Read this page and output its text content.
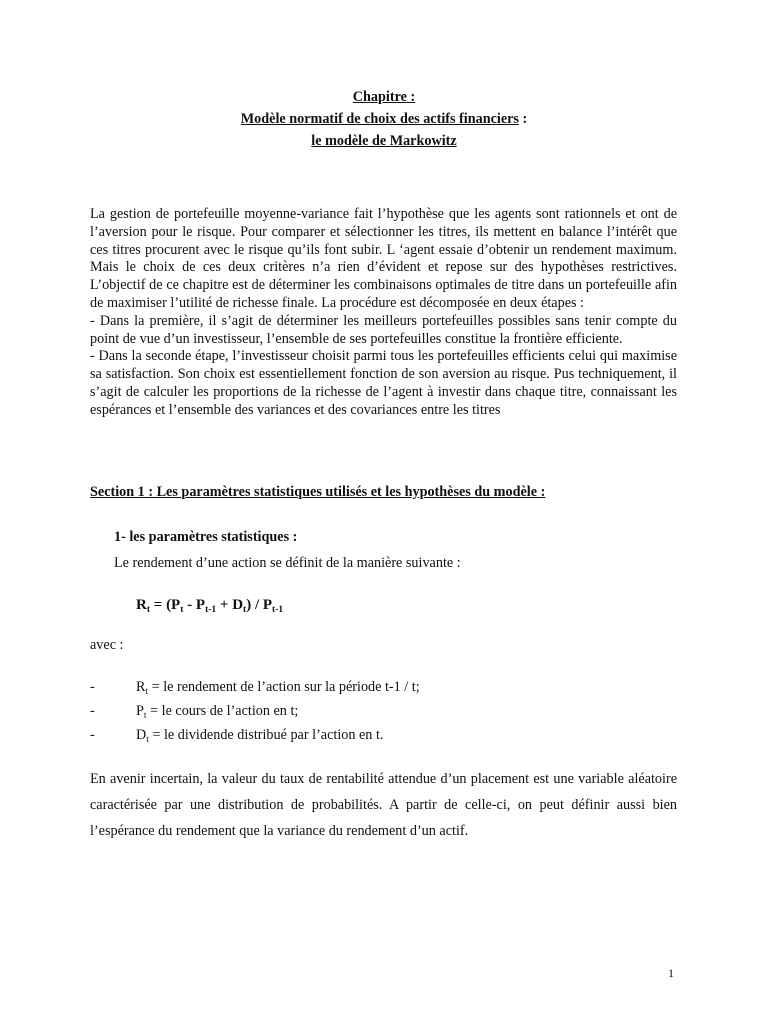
Chapitre :
Modèle normatif de choix des actifs financiers :
le modèle de Markowitz

La gestion de portefeuille moyenne-variance fait l’hypothèse que les agents sont rationnels et ont de l’aversion pour le risque. Pour comparer et sélectionner les titres, ils mettent en balance l’intérêt que ces titres procurent avec le risque qu’ils font subir. L ‘agent essaie d’obtenir un rendement maximum. Mais le choix de ces deux critères n’a rien d’évident et repose sur des hypothèses restrictives. L’objectif de ce chapitre est de déterminer les combinaisons optimales de titre dans un portefeuille afin de maximiser l’utilité de richesse finale. La procédure est décomposée en deux étapes :

- Dans la première, il s’agit de déterminer les meilleurs portefeuilles possibles sans tenir compte du point de vue d’un investisseur, l’ensemble de ses portefeuilles constitue la frontière efficiente.

- Dans la seconde étape, l’investisseur choisit parmi tous les portefeuilles efficients celui qui maximise sa satisfaction. Son choix est essentiellement fonction de son aversion au risque. Pus techniquement, il s’agit de calculer les proportions de la richesse de l’agent à investir dans chaque titre, connaissant les espérances et l’ensemble des variances et des covariances entre les titres

Section 1 : Les paramètres statistiques utilisés et les hypothèses du modèle :
1- les paramètres statistiques :
Le rendement d’une action se définit de la manière suivante :
$R_t = (P_t - P_{t-1} + D_t) / P_{t-1}$
avec :
-	$R_t$ = le rendement de l’action sur la période t-1 / t;
-	$P_t$ = le cours de l’action en t;
-	$D_t$ = le dividende distribué par l’action en t.

En avenir incertain, la valeur du taux de rentabilité attendue d’un placement est une variable aléatoire caractérisée par une distribution de probabilités. A partir de celle-ci, on peut définir aussi bien l’espérance du rendement que la variance du rendement d’un actif.

1
